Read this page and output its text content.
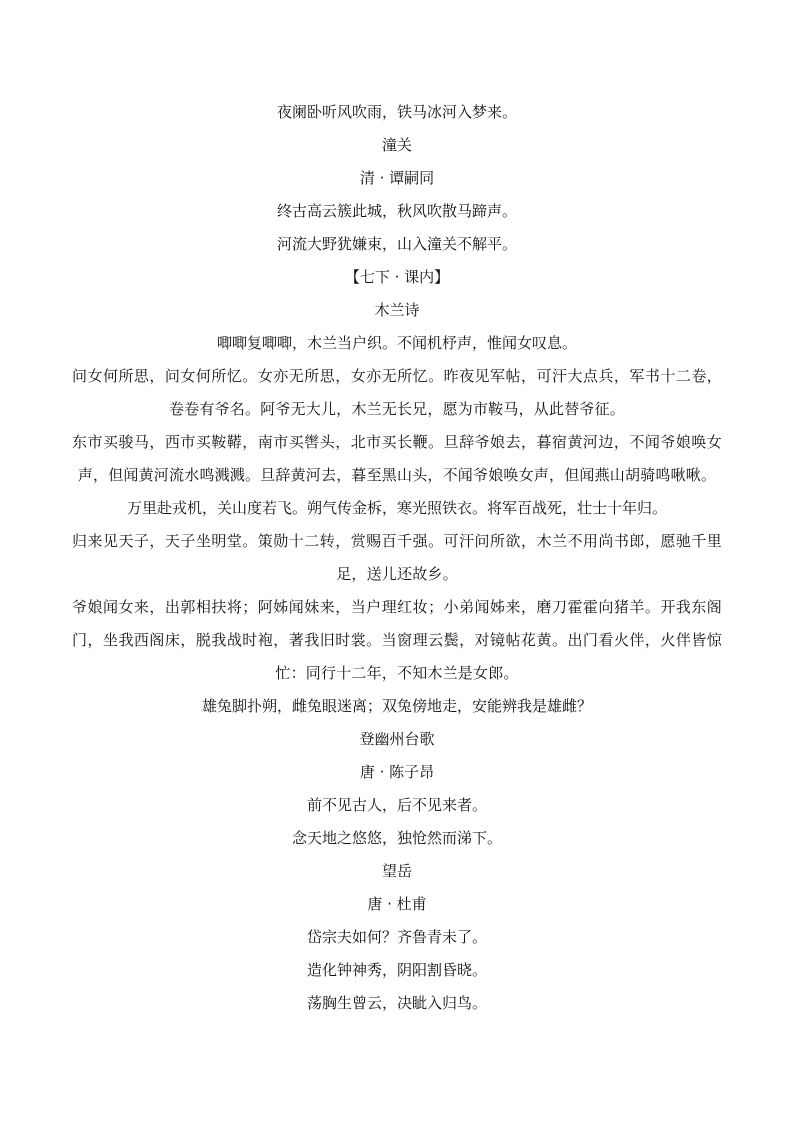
夜阑卧听风吹雨，铁马冰河入梦来。
潼关
清 · 谭嗣同
终古高云簇此城，秋风吹散马蹄声。
河流大野犹嫌束，山入潼关不解平。
【七下 · 课内】
木兰诗
唧唧复唧唧，木兰当户织。不闻机杼声，惟闻女叹息。
问女何所思，问女何所忆。女亦无所思，女亦无所忆。昨夜见军帖，可汗大点兵，军书十二卷，卷卷有爷名。阿爷无大儿，木兰无长兄，愿为市鞍马，从此替爷征。
东市买骏马，西市买鞍鞯，南市买辔头，北市买长鞭。旦辞爷娘去，暮宿黄河边，不闻爷娘唤女声，但闻黄河流水鸣溅溅。旦辞黄河去，暮至黑山头，不闻爷娘唤女声，但闻燕山胡骑鸣啾啾。
万里赴戎机，关山度若飞。朔气传金柝，寒光照铁衣。将军百战死，壮士十年归。
归来见天子，天子坐明堂。策勋十二转，赏赐百千强。可汗问所欲，木兰不用尚书郎，愿驰千里足，送儿还故乡。
爷娘闻女来，出郭相扶将；阿姊闻妹来，当户理红妆；小弟闻姊来，磨刀霍霍向猪羊。开我东阁门，坐我西阁床，脱我战时袍，著我旧时裳。当窗理云鬓，对镜帖花黄。出门看火伴，火伴皆惊忙：同行十二年，不知木兰是女郎。
雄兔脚扑朔，雌兔眼迷离；双兔傍地走，安能辨我是雄雌？
登幽州台歌
唐 · 陈子昂
前不见古人，后不见来者。
念天地之悠悠，独怆然而涕下。
望岳
唐 · 杜甫
岱宗夫如何？齐鲁青未了。
造化钟神秀，阴阳割昏晓。
荡胸生曾云，决眦入归鸟。
